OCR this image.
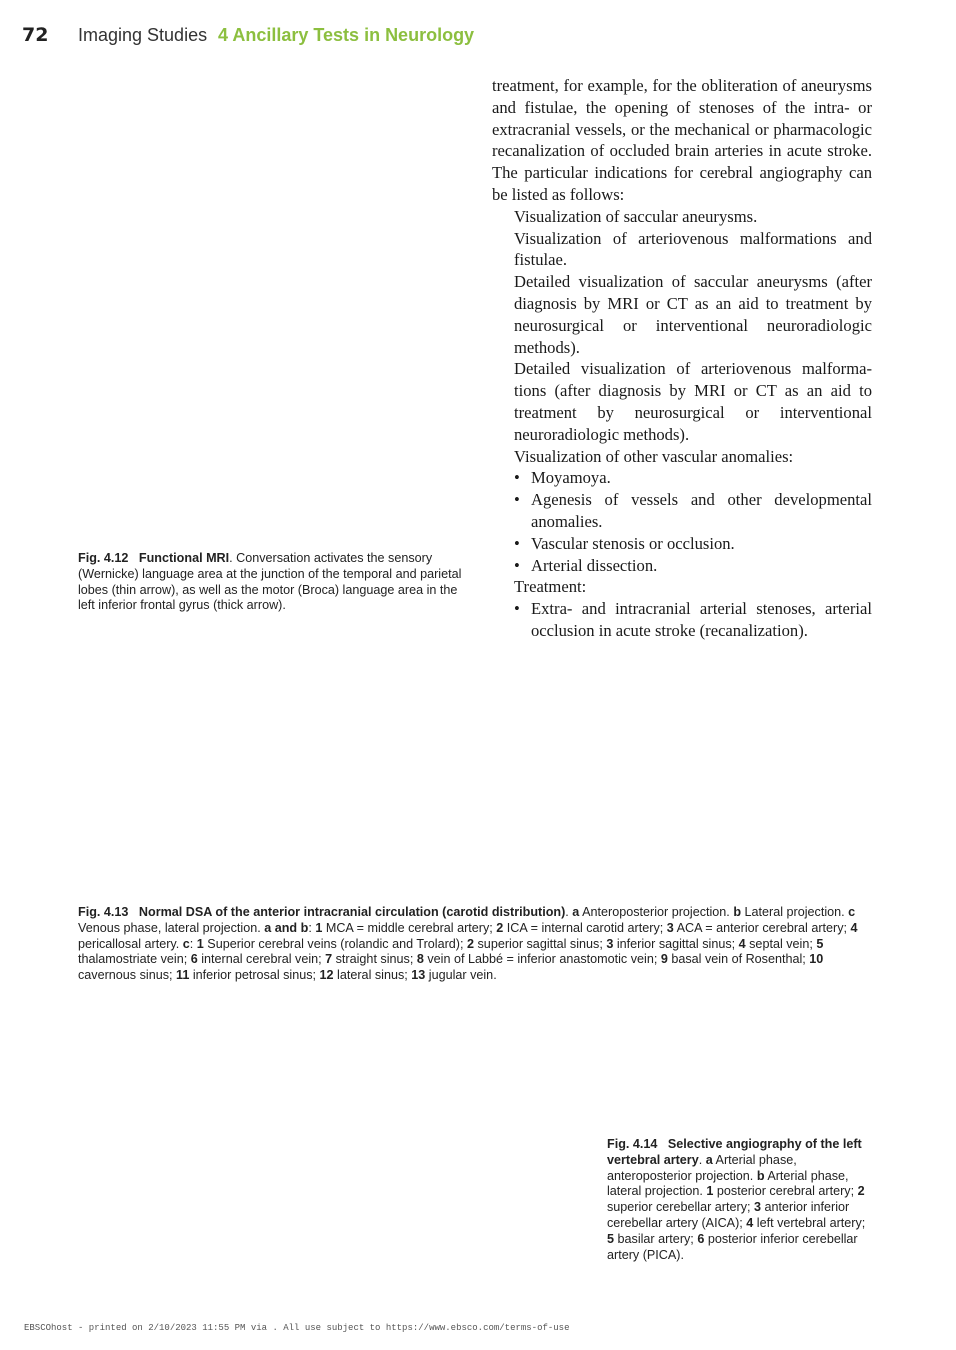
72 Imaging Studies 4 Ancillary Tests in Neurology

treatment, for example, for the obliteration of aneurysms and fistulae, the opening of stenoses of the intra- or extracranial vessels, or the mechanical or pharmacologic recanalization of occluded brain arteries in acute stroke. The particular indications for cerebral angiography can be listed as follows:

Visualization of saccular aneurysms.
Visualization of arteriovenous malformations and fistulae.
Detailed visualization of saccular aneurysms (after diagnosis by MRI or CT as an aid to treatment by neurosurgical or interventional neuroradiologic methods).
Detailed visualization of arteriovenous malformations (after diagnosis by MRI or CT as an aid to treatment by neurosurgical or interventional neuroradiologic methods).
Visualization of other vascular anomalies:
• Moyamoya.
• Agenesis of vessels and other developmental anomalies.
• Vascular stenosis or occlusion.
• Arterial dissection.
Treatment:
• Extra- and intracranial arterial stenoses, arterial occlusion in acute stroke (recanalization).
Fig. 4.12 Functional MRI. Conversation activates the sensory (Wernicke) language area at the junction of the temporal and parietal lobes (thin arrow), as well as the motor (Broca) language area in the left inferior frontal gyrus (thick arrow).
Fig. 4.13 Normal DSA of the anterior intracranial circulation (carotid distribution). a Anteroposterior projection. b Lateral projection. c Venous phase, lateral projection. a and b: 1 MCA = middle cerebral artery; 2 ICA = internal carotid artery; 3 ACA = anterior cerebral artery; 4 pericallosal artery. c: 1 Superior cerebral veins (rolandic and Trolard); 2 superior sagittal sinus; 3 inferior sagittal sinus; 4 septal vein; 5 thalamostriate vein; 6 internal cerebral vein; 7 straight sinus; 8 vein of Labbé = inferior anastomotic vein; 9 basal vein of Rosenthal; 10 cavernous sinus; 11 inferior petrosal sinus; 12 lateral sinus; 13 jugular vein.
Fig. 4.14 Selective angiography of the left vertebral artery. a Arterial phase, anteroposterior projection. b Arterial phase, lateral projection. 1 posterior cerebral artery; 2 superior cerebellar artery; 3 anterior inferior cerebellar artery (AICA); 4 left vertebral artery; 5 basilar artery; 6 posterior inferior cerebellar artery (PICA).
EBSCOhost - printed on 2/10/2023 11:55 PM via . All use subject to https://www.ebsco.com/terms-of-use
